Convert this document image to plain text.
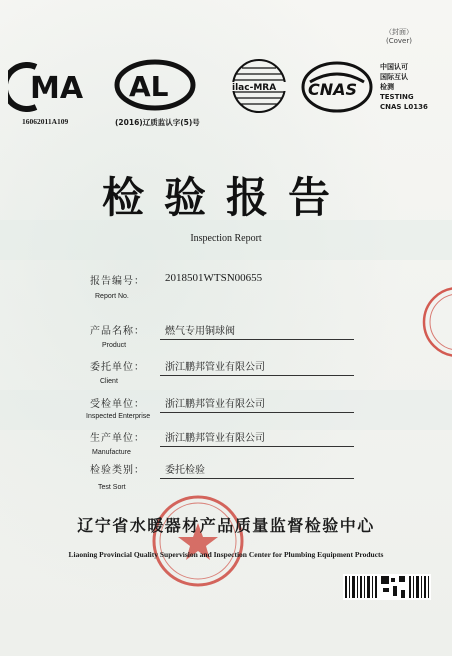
（封面）
(Cover)
MA
16062011A109
AL
(2016)辽质监认字(5)号
ilac-MRA CNAS
中国认可
国际互认
检测
TESTING
CNAS L0136
检验报告
Inspection Report
报告编号： 2018501WTSN00655
Report No.
产品名称： 燃气专用铜球阀
Product
委托单位： 浙江鹏邦管业有限公司
Client
受检单位： 浙江鹏邦管业有限公司
Inspected Enterprise
生产单位： 浙江鹏邦管业有限公司
Manufacture
检验类别： 委托检验
Test Sort
辽宁省水暖器材产品质量监督检验中心
Liaoning Provincial Quality Supervision and Inspection Center for Plumbing Equipment Products
